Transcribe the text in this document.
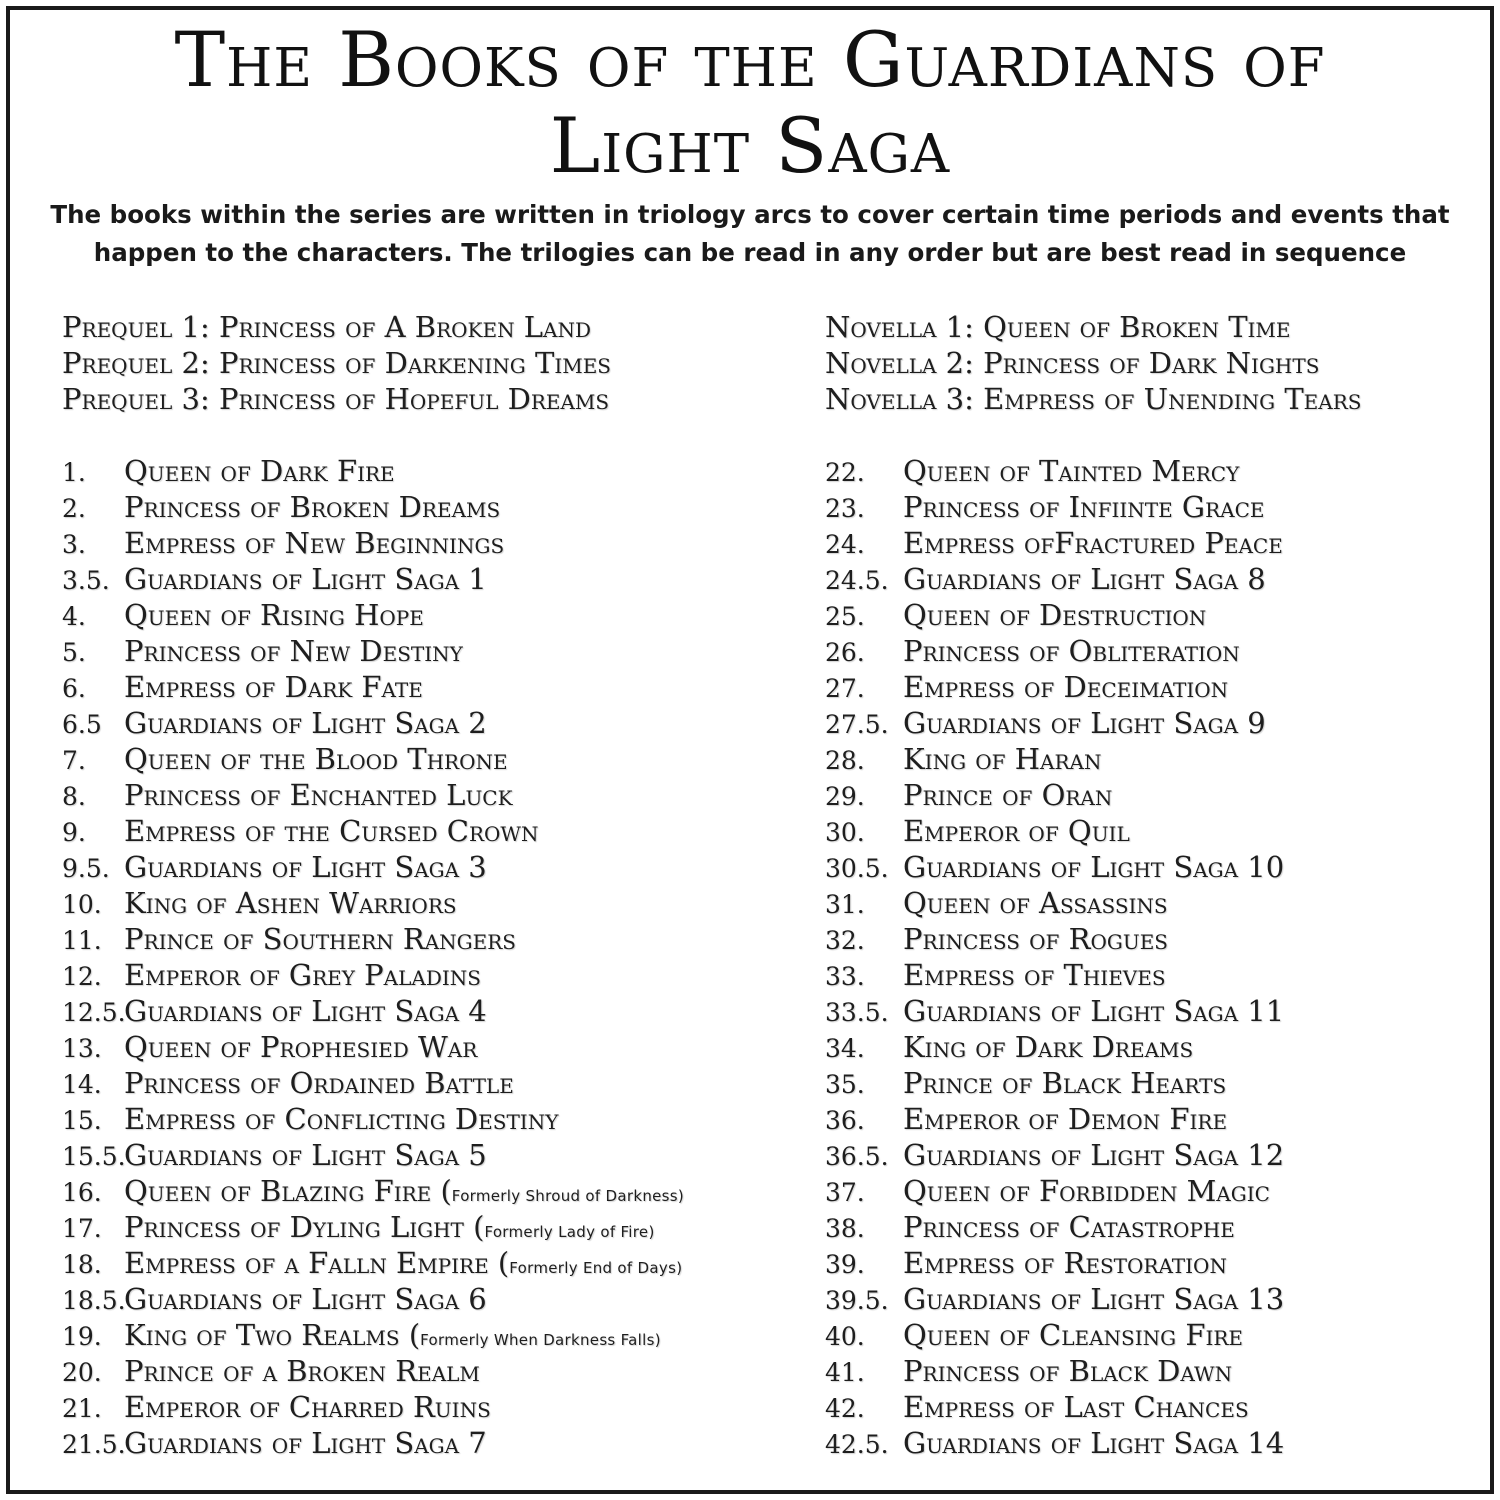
The Books of the Guardians of
Light Saga
The books within the series are written in triology arcs to cover certain time periods and events that
happen to the characters. The trilogies can be read in any order but are best read in sequence
Prequel 1: Princess of A Broken Land
Prequel 2: Princess of Darkening Times
Prequel 3: Princess of Hopeful Dreams
Novella 1: Queen of Broken Time
Novella 2: Princess of Dark Nights
Novella 3: Empress of Unending Tears
1. Queen of Dark Fire
2. Princess of Broken Dreams
3. Empress of New Beginnings
3.5. Guardians of Light Saga 1
4. Queen of Rising Hope
5. Princess of New Destiny
6. Empress of Dark Fate
6.5 Guardians of Light Saga 2
7. Queen of the Blood Throne
8. Princess of Enchanted Luck
9. Empress of the Cursed Crown
9.5. Guardians of Light Saga 3
10. King of Ashen Warriors
11. Prince of Southern Rangers
12. Emperor of Grey Paladins
12.5.Guardians of Light Saga 4
13. Queen of Prophesied War
14. Princess of Ordained Battle
15. Empress of Conflicting Destiny
15.5.Guardians of Light Saga 5
16. Queen of Blazing Fire (Formerly Shroud of Darkness)
17. Princess of Dyling Light (Formerly Lady of Fire)
18. Empress of a Falln Empire (Formerly End of Days)
18.5.Guardians of Light Saga 6
19. King of Two Realms (Formerly When Darkness Falls)
20. Prince of a Broken Realm
21. Emperor of Charred Ruins
21.5.Guardians of Light Saga 7
22. Queen of Tainted Mercy
23. Princess of Infiinte Grace
24. Empress ofFractured Peace
24.5. Guardians of Light Saga 8
25. Queen of Destruction
26. Princess of Obliteration
27. Empress of Deceimation
27.5. Guardians of Light Saga 9
28. King of Haran
29. Prince of Oran
30. Emperor of Quil
30.5. Guardians of Light Saga 10
31. Queen of Assassins
32. Princess of Rogues
33. Empress of Thieves
33.5. Guardians of Light Saga 11
34. King of Dark Dreams
35. Prince of Black Hearts
36. Emperor of Demon Fire
36.5. Guardians of Light Saga 12
37. Queen of Forbidden Magic
38. Princess of Catastrophe
39. Empress of Restoration
39.5. Guardians of Light Saga 13
40. Queen of Cleansing Fire
41. Princess of Black Dawn
42. Empress of Last Chances
42.5. Guardians of Light Saga 14
